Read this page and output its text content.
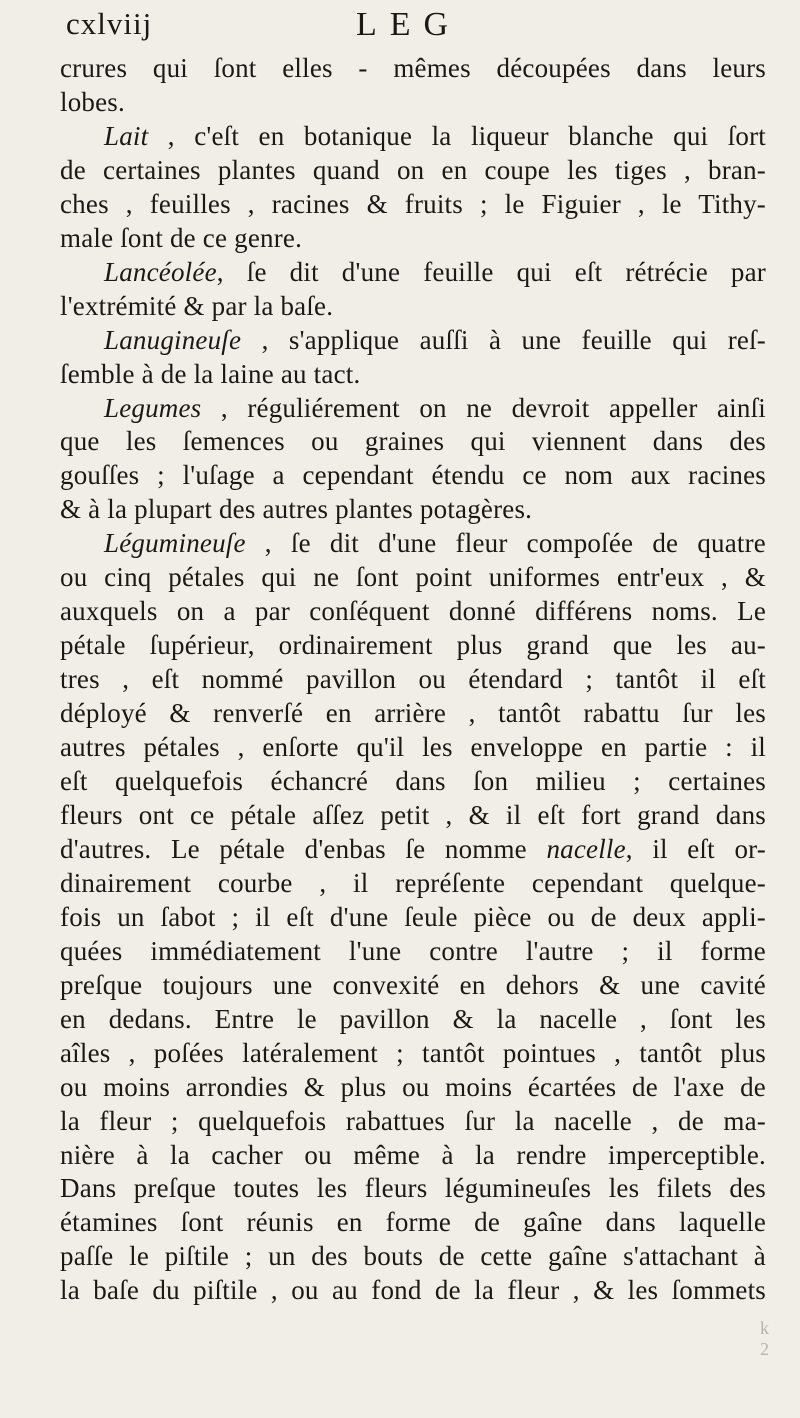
cxlviij	LEG
crures qui ſont elles - mêmes découpées dans leurs
lobes.
Lait , c'eſt en botanique la liqueur blanche qui ſort
de certaines plantes quand on en coupe les tiges , bran-
ches , feuilles , racines & fruits ; le Figuier , le Tithy-
male ſont de ce genre.
Lancéolée, ſe dit d'une feuille qui eſt rétrécie par
l'extrémité & par la baſe.
Lanugineuſe , s'applique auſſi à une feuille qui reſ-
ſemble à de la laine au tact.
Legumes , réguliérement on ne devroit appeller ainſi
que les ſemences ou graines qui viennent dans des
gouſſes ; l'uſage a cependant étendu ce nom aux racines
& à la plupart des autres plantes potagères.
Légumineuſe , ſe dit d'une fleur compoſée de quatre
ou cinq pétales qui ne ſont point uniformes entr'eux , &
auxquels on a par conſéquent donné différens noms. Le
pétale ſupérieur, ordinairement plus grand que les au-
tres , eſt nommé pavillon ou étendard ; tantôt il eſt
déployé & renverſé en arrière , tantôt rabattu ſur les
autres pétales , enſorte qu'il les enveloppe en partie : il
eſt quelquefois échancré dans ſon milieu ; certaines
fleurs ont ce pétale aſſez petit , & il eſt fort grand dans
d'autres. Le pétale d'enbas ſe nomme nacelle, il eſt or-
dinairement courbe , il repréſente cependant quelque-
fois un ſabot ; il eſt d'une ſeule pièce ou de deux appli-
quées immédiatement l'une contre l'autre ; il forme
preſque toujours une convexité en dehors & une cavité
en dedans. Entre le pavillon & la nacelle , ſont les
aîles , poſées latéralement ; tantôt pointues , tantôt plus
ou moins arrondies & plus ou moins écartées de l'axe de
la fleur ; quelquefois rabattues ſur la nacelle , de ma-
nière à la cacher ou même à la rendre imperceptible.
Dans preſque toutes les fleurs légumineuſes les filets des
étamines ſont réunis en forme de gaîne dans laquelle
paſſe le piſtile ; un des bouts de cette gaîne s'attachant à
la baſe du piſtile , ou au fond de la fleur , & les ſommets
k 2
